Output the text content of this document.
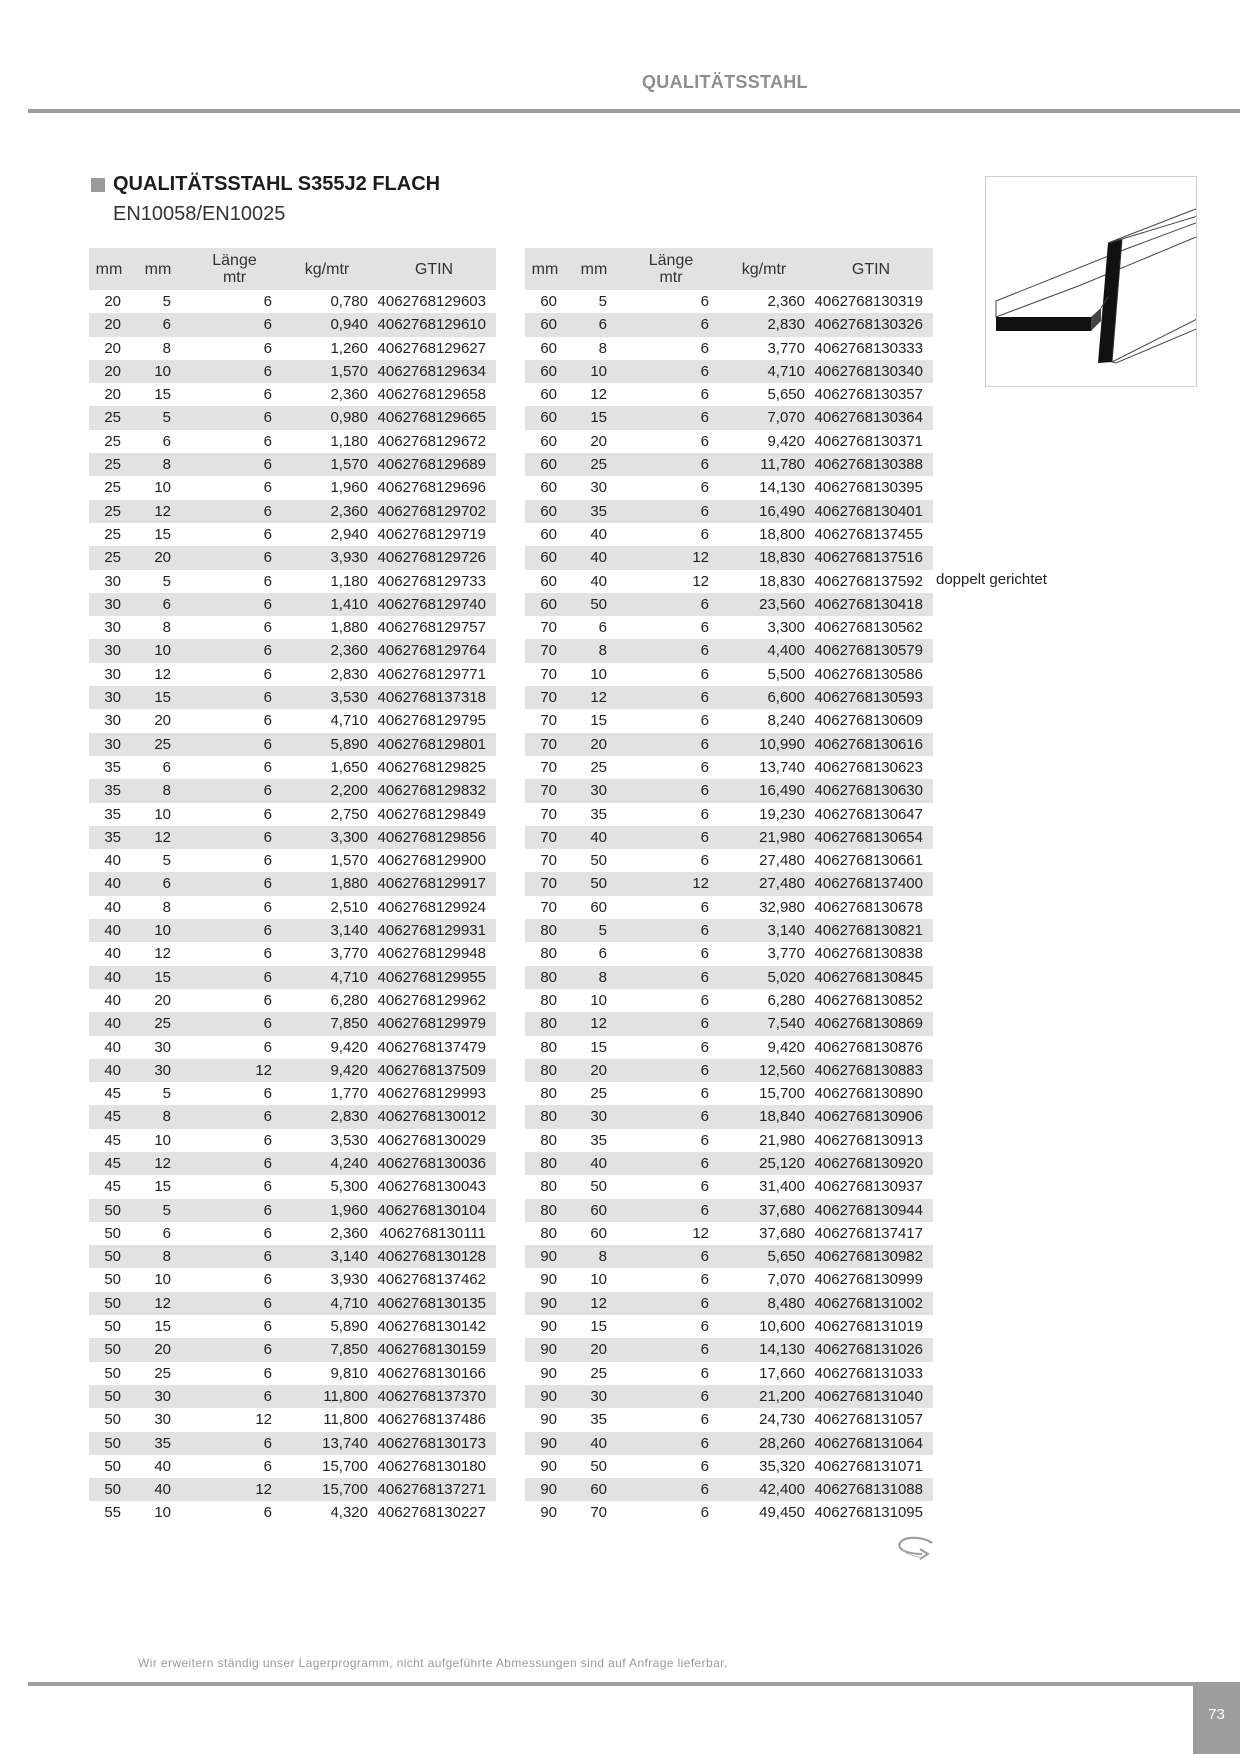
QUALITÄTSSTAHL
QUALITÄTSSTAHL S355J2 FLACH
EN10058/EN10025
mm	mm	Länge
mtr	kg/mtr	GTIN
20	5	6	0,780	4062768129603
20	6	6	0,940	4062768129610
20	8	6	1,260	4062768129627
20	10	6	1,570	4062768129634
20	15	6	2,360	4062768129658
25	5	6	0,980	4062768129665
25	6	6	1,180	4062768129672
25	8	6	1,570	4062768129689
25	10	6	1,960	4062768129696
25	12	6	2,360	4062768129702
25	15	6	2,940	4062768129719
25	20	6	3,930	4062768129726
30	5	6	1,180	4062768129733
30	6	6	1,410	4062768129740
30	8	6	1,880	4062768129757
30	10	6	2,360	4062768129764
30	12	6	2,830	4062768129771
30	15	6	3,530	4062768137318
30	20	6	4,710	4062768129795
30	25	6	5,890	4062768129801
35	6	6	1,650	4062768129825
35	8	6	2,200	4062768129832
35	10	6	2,750	4062768129849
35	12	6	3,300	4062768129856
40	5	6	1,570	4062768129900
40	6	6	1,880	4062768129917
40	8	6	2,510	4062768129924
40	10	6	3,140	4062768129931
40	12	6	3,770	4062768129948
40	15	6	4,710	4062768129955
40	20	6	6,280	4062768129962
40	25	6	7,850	4062768129979
40	30	6	9,420	4062768137479
40	30	12	9,420	4062768137509
45	5	6	1,770	4062768129993
45	8	6	2,830	4062768130012
45	10	6	3,530	4062768130029
45	12	6	4,240	4062768130036
45	15	6	5,300	4062768130043
50	5	6	1,960	4062768130104
50	6	6	2,360	4062768130111
50	8	6	3,140	4062768130128
50	10	6	3,930	4062768137462
50	12	6	4,710	4062768130135
50	15	6	5,890	4062768130142
50	20	6	7,850	4062768130159
50	25	6	9,810	4062768130166
50	30	6	11,800	4062768137370
50	30	12	11,800	4062768137486
50	35	6	13,740	4062768130173
50	40	6	15,700	4062768130180
50	40	12	15,700	4062768137271
55	10	6	4,320	4062768130227
mm	mm	Länge
mtr	kg/mtr	GTIN
60	5	6	2,360	4062768130319
60	6	6	2,830	4062768130326
60	8	6	3,770	4062768130333
60	10	6	4,710	4062768130340
60	12	6	5,650	4062768130357
60	15	6	7,070	4062768130364
60	20	6	9,420	4062768130371
60	25	6	11,780	4062768130388
60	30	6	14,130	4062768130395
60	35	6	16,490	4062768130401
60	40	6	18,800	4062768137455
60	40	12	18,830	4062768137516
60	40	12	18,830	4062768137592
60	50	6	23,560	4062768130418
70	6	6	3,300	4062768130562
70	8	6	4,400	4062768130579
70	10	6	5,500	4062768130586
70	12	6	6,600	4062768130593
70	15	6	8,240	4062768130609
70	20	6	10,990	4062768130616
70	25	6	13,740	4062768130623
70	30	6	16,490	4062768130630
70	35	6	19,230	4062768130647
70	40	6	21,980	4062768130654
70	50	6	27,480	4062768130661
70	50	12	27,480	4062768137400
70	60	6	32,980	4062768130678
80	5	6	3,140	4062768130821
80	6	6	3,770	4062768130838
80	8	6	5,020	4062768130845
80	10	6	6,280	4062768130852
80	12	6	7,540	4062768130869
80	15	6	9,420	4062768130876
80	20	6	12,560	4062768130883
80	25	6	15,700	4062768130890
80	30	6	18,840	4062768130906
80	35	6	21,980	4062768130913
80	40	6	25,120	4062768130920
80	50	6	31,400	4062768130937
80	60	6	37,680	4062768130944
80	60	12	37,680	4062768137417
90	8	6	5,650	4062768130982
90	10	6	7,070	4062768130999
90	12	6	8,480	4062768131002
90	15	6	10,600	4062768131019
90	20	6	14,130	4062768131026
90	25	6	17,660	4062768131033
90	30	6	21,200	4062768131040
90	35	6	24,730	4062768131057
90	40	6	28,260	4062768131064
90	50	6	35,320	4062768131071
90	60	6	42,400	4062768131088
90	70	6	49,450	4062768131095
doppelt gerichtet
Wir erweitern ständig unser Lagerprogramm, nicht aufgeführte Abmessungen sind auf Anfrage lieferbar.
73
